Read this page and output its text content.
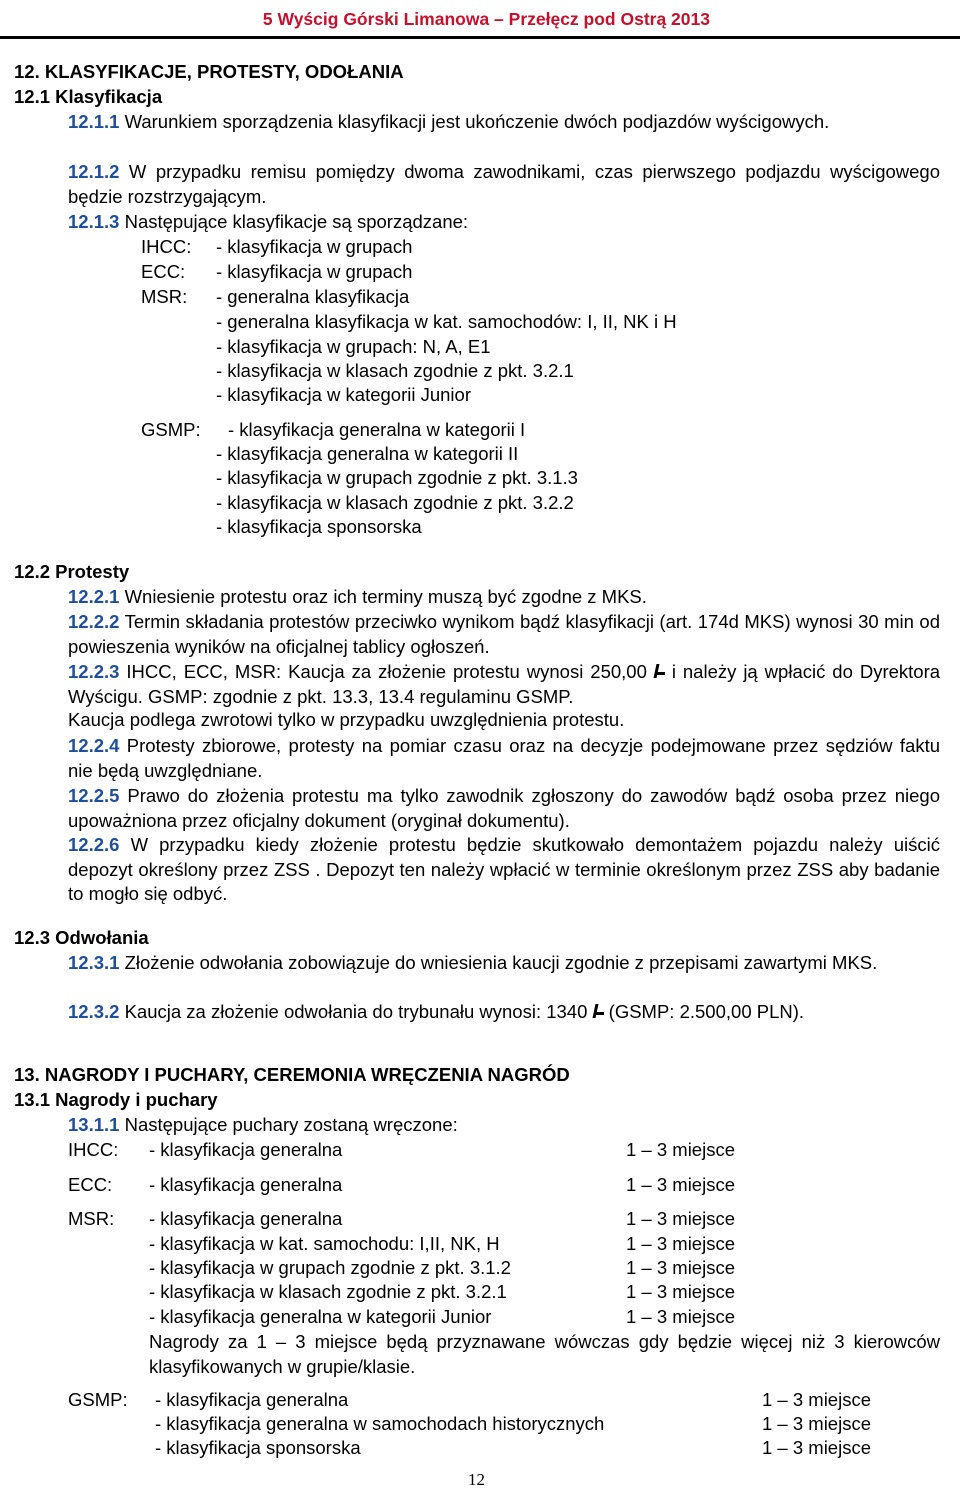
5 Wyścig Górski Limanowa – Przełęcz pod Ostrą 2013
12. KLASYFIKACJE, PROTESTY, ODOŁANIA
12.1 Klasyfikacja
12.1.1 Warunkiem sporządzenia klasyfikacji jest ukończenie dwóch podjazdów wyścigowych.
12.1.2 W przypadku remisu pomiędzy dwoma zawodnikami, czas pierwszego podjazdu wyścigowego będzie rozstrzygającym.
12.1.3 Następujące klasyfikacje są sporządzane:
IHCC: - klasyfikacja w grupach
ECC: - klasyfikacja w grupach
MSR: - generalna klasyfikacja
- generalna klasyfikacja w kat. samochodów: I, II, NK i H
- klasyfikacja w grupach: N, A, E1
- klasyfikacja w klasach zgodnie z pkt. 3.2.1
- klasyfikacja w kategorii Junior
GSMP: - klasyfikacja generalna w kategorii I
- klasyfikacja generalna w kategorii II
- klasyfikacja w grupach zgodnie z pkt. 3.1.3
- klasyfikacja w klasach zgodnie z pkt. 3.2.2
- klasyfikacja sponsorska
12.2 Protesty
12.2.1 Wniesienie protestu oraz ich terminy muszą być zgodne z MKS.
12.2.2 Termin składania protestów przeciwko wynikom bądź klasyfikacji (art. 174d MKS) wynosi 30 min od powieszenia wyników na oficjalnej tablicy ogłoszeń.
12.2.3 IHCC, ECC, MSR: Kaucja za złożenie protestu wynosi 250,00 i należy ją wpłacić do Dyrektora Wyścigu. GSMP: zgodnie z pkt. 13.3, 13.4 regulaminu GSMP.
Kaucja podlega zwrotowi tylko w przypadku uwzględnienia protestu.
12.2.4 Protesty zbiorowe, protesty na pomiar czasu oraz na decyzje podejmowane przez sędziów faktu nie będą uwzględniane.
12.2.5 Prawo do złożenia protestu ma tylko zawodnik zgłoszony do zawodów bądź osoba przez niego upoważniona przez oficjalny dokument (oryginał dokumentu).
12.2.6 W przypadku kiedy złożenie protestu będzie skutkowało demontażem pojazdu należy uiścić depozyt określony przez ZSS . Depozyt ten należy wpłacić w terminie określonym przez ZSS aby badanie to mogło się odbyć.
12.3 Odwołania
12.3.1 Złożenie odwołania zobowiązuje do wniesienia kaucji zgodnie z przepisami zawartymi MKS.
12.3.2 Kaucja za złożenie odwołania do trybunału wynosi: 1340 (GSMP: 2.500,00 PLN).
13. NAGRODY I PUCHARY, CEREMONIA WRĘCZENIA NAGRÓD
13.1 Nagrody i puchary
13.1.1 Następujące puchary zostaną wręczone:
IHCC: - klasyfikacja generalna	1 – 3 miejsce
ECC: - klasyfikacja generalna	1 – 3 miejsce
MSR: - klasyfikacja generalna	1 – 3 miejsce
- klasyfikacja w kat. samochodu: I,II, NK, H	1 – 3 miejsce
- klasyfikacja w grupach zgodnie z pkt. 3.1.2	1 – 3 miejsce
- klasyfikacja w klasach zgodnie z pkt. 3.2.1	1 – 3 miejsce
- klasyfikacja generalna w kategorii Junior	1 – 3 miejsce
Nagrody za 1 – 3 miejsce będą przyznawane wówczas gdy będzie więcej niż 3 kierowców klasyfikowanych w grupie/klasie.
GSMP: - klasyfikacja generalna	1 – 3 miejsce
- klasyfikacja generalna w samochodach historycznych	1 – 3 miejsce
- klasyfikacja sponsorska	1 – 3 miejsce
12
